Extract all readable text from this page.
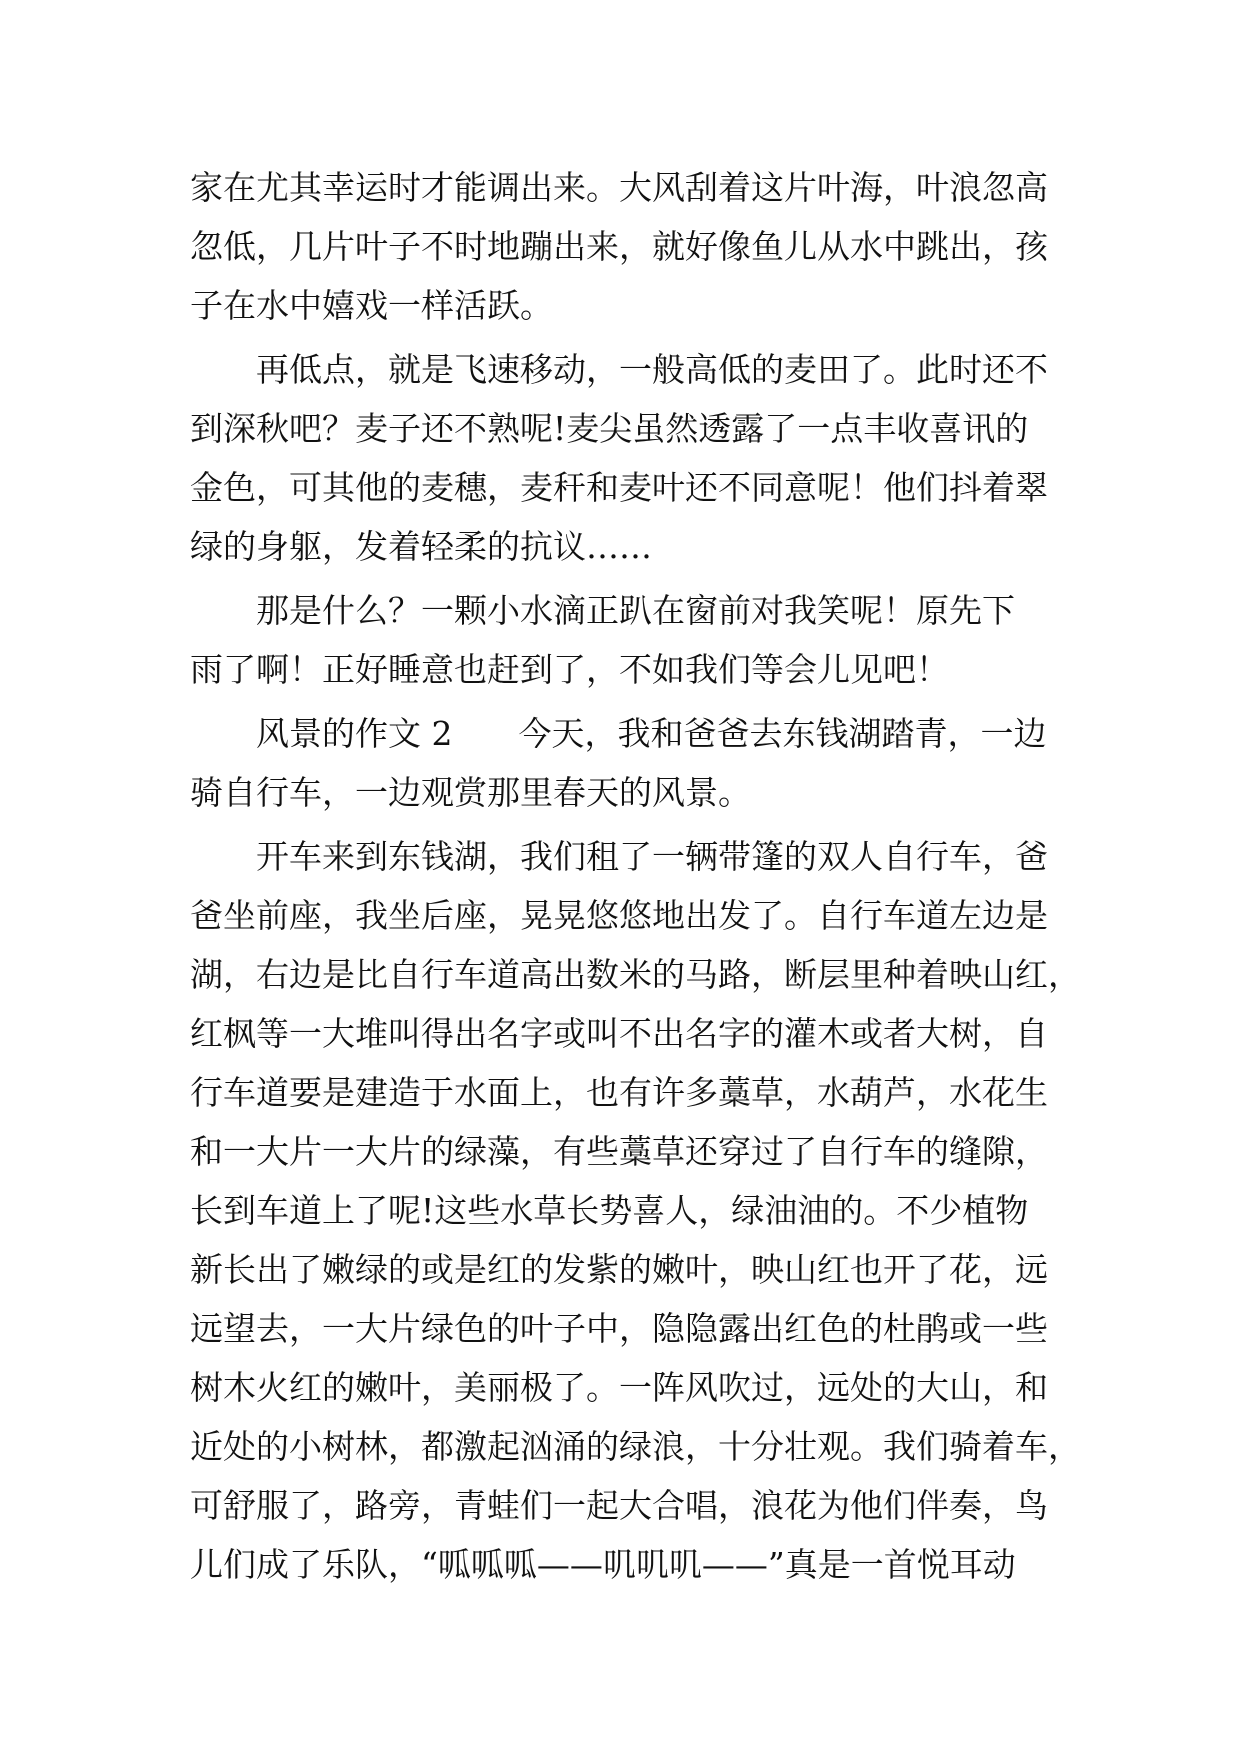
家在尤其幸运时才能调出来。大风刮着这片叶海，叶浪忽高
忽低，几片叶子不时地蹦出来，就好像鱼儿从水中跳出，孩
子在水中嬉戏一样活跃。
再低点，就是飞速移动，一般高低的麦田了。此时还不
到深秋吧？麦子还不熟呢!麦尖虽然透露了一点丰收喜讯的
金色，可其他的麦穗，麦秆和麦叶还不同意呢！他们抖着翠
绿的身躯，发着轻柔的抗议……
那是什么？一颗小水滴正趴在窗前对我笑呢！原先下
雨了啊！正好睡意也赶到了，不如我们等会儿见吧！
风景的作文 2　　今天，我和爸爸去东钱湖踏青，一边
骑自行车，一边观赏那里春天的风景。
开车来到东钱湖，我们租了一辆带篷的双人自行车，爸
爸坐前座，我坐后座，晃晃悠悠地出发了。自行车道左边是
湖，右边是比自行车道高出数米的马路，断层里种着映山红，
红枫等一大堆叫得出名字或叫不出名字的灌木或者大树，自
行车道要是建造于水面上，也有许多藁草，水葫芦，水花生
和一大片一大片的绿藻，有些藁草还穿过了自行车的缝隙，
长到车道上了呢!这些水草长势喜人，绿油油的。不少植物
新长出了嫩绿的或是红的发紫的嫩叶，映山红也开了花，远
远望去，一大片绿色的叶子中，隐隐露出红色的杜鹃或一些
树木火红的嫩叶，美丽极了。一阵风吹过，远处的大山，和
近处的小树林，都激起汹涌的绿浪，十分壮观。我们骑着车，
可舒服了，路旁，青蛙们一起大合唱，浪花为他们伴奏，鸟
儿们成了乐队，“呱呱呱——叽叽叽——”真是一首悦耳动
